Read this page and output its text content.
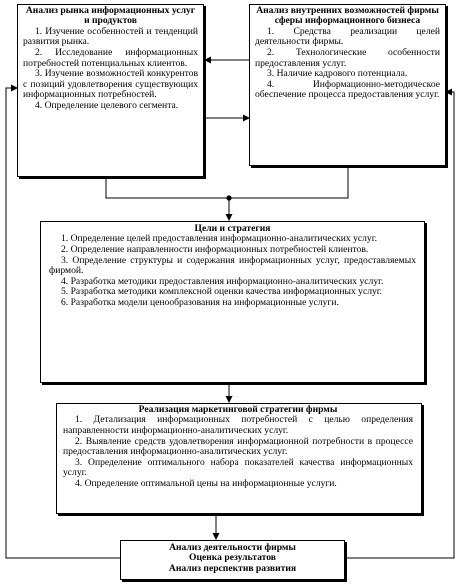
Анализ рынка информационных услуг и продуктов
1. Изучение особенностей и тенденций развития рынка.
2. Исследование информационных потребностей потенциальных клиентов.
3. Изучение возможностей конкурентов с позиций удовлетворения существующих информационных потребностей.
4. Определение целевого сегмента.
Анализ внутренних возможностей фирмы сферы информационного бизнеса
1. Средства реализации целей деятельности фирмы.
2. Технологические особенности предоставления услуг.
3. Наличие кадрового потенциала.
4. Информационно-методическое обеспечение процесса предоставления услуг.
Цели и стратегия
1. Определение целей предоставления информационно-аналитических услуг.
2. Определение направленности информационных потребностей клиентов.
3. Определение структуры и содержания информационных услуг, предоставляемых фирмой.
4. Разработка методики предоставления информационно-аналитических услуг.
5. Разработка методики комплексной оценки качества информационных услуг.
6. Разработка модели ценообразования на информационные услуги.
Реализация маркетинговой стратегии фирмы
1. Детализация информационных потребностей с целью определения направленности информационно-аналитических услуг.
2. Выявление средств удовлетворения информационной потребности в процессе предоставления информационно-аналитических услуг.
3. Определение оптимального набора показателей качества информационных услуг.
4. Определение оптимальной цены на информационные услуги.
Анализ деятельности фирмы
Оценка результатов
Анализ перспектив развития
